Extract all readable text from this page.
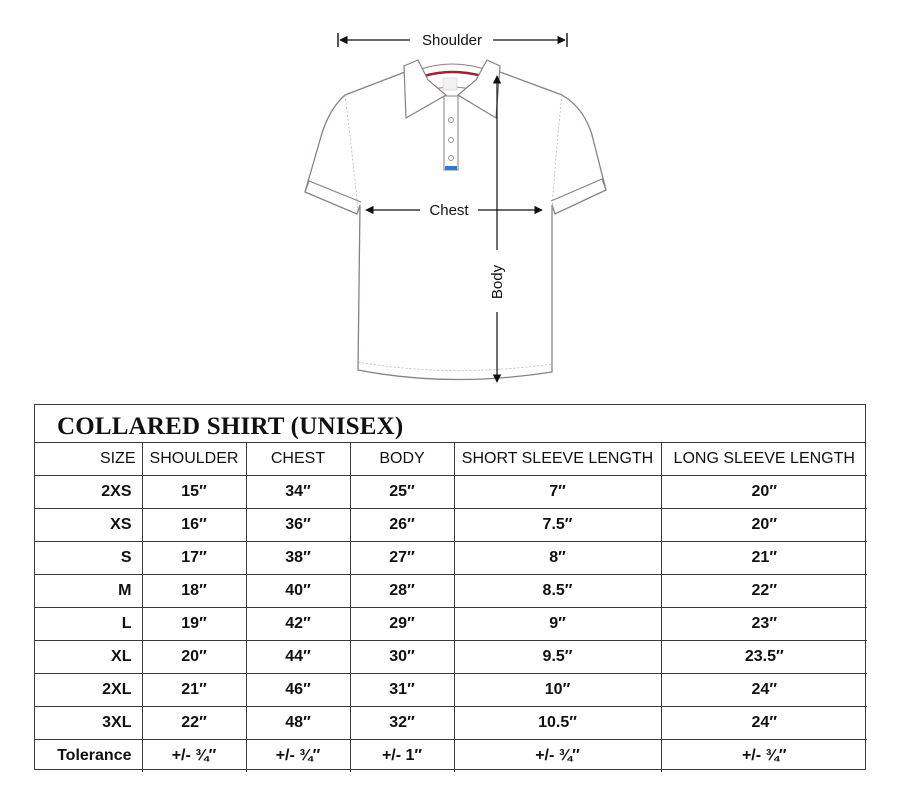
Shoulder
Chest
Body
COLLARED SHIRT (UNISEX)
SIZE	SHOULDER	CHEST	BODY	SHORT SLEEVE LENGTH	LONG SLEEVE LENGTH
2XS	15″	34″	25″	7″	20″
XS	16″	36″	26″	7.5″	20″
S	17″	38″	27″	8″	21″
M	18″	40″	28″	8.5″	22″
L	19″	42″	29″	9″	23″
XL	20″	44″	30″	9.5″	23.5″
2XL	21″	46″	31″	10″	24″
3XL	22″	48″	32″	10.5″	24″
Tolerance	+/- ¾″	+/- ¾″	+/- 1″	+/- ¾″	+/- ¾″
